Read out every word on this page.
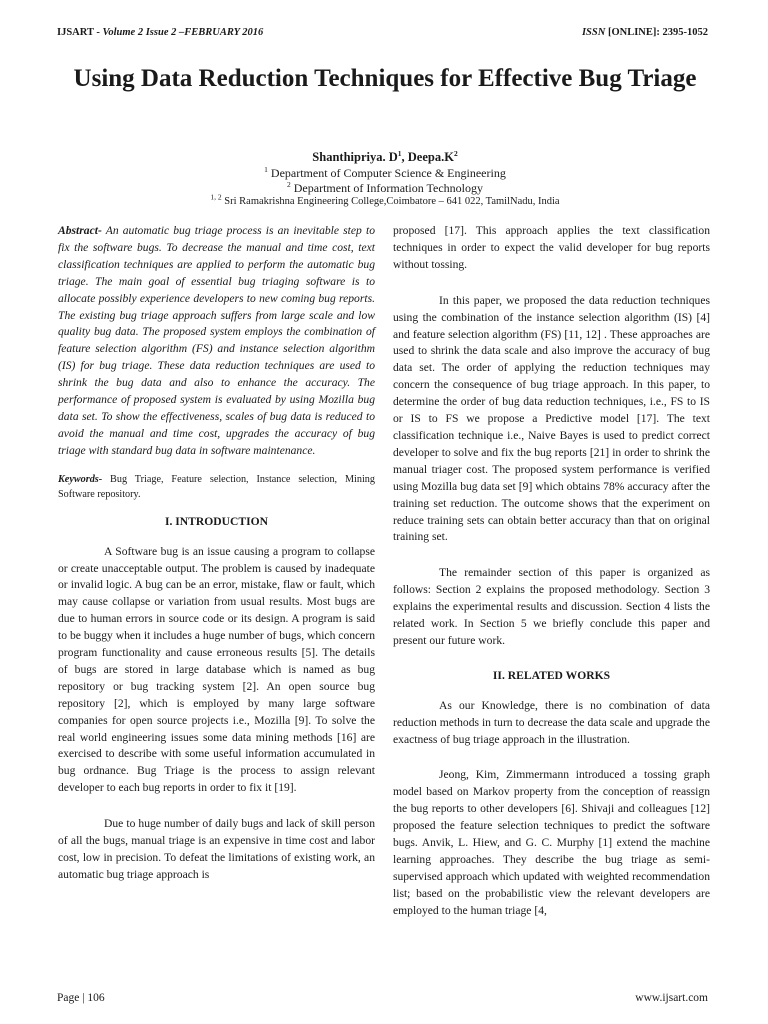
IJSART - Volume 2 Issue 2 –FEBRUARY 2016	ISSN [ONLINE]: 2395-1052
Using Data Reduction Techniques for Effective Bug Triage
Shanthipriya. $D^1$, $Deepa.K^2$
$^1$ Department of Computer Science & Engineering
$^2$ Department of Information Technology
$^{1, 2}$ Sri Ramakrishna Engineering College,Coimbatore – 641 022, TamilNadu, India

Abstract- An automatic bug triage process is an inevitable step to fix the software bugs. To decrease the manual and time cost, text classification techniques are applied to perform the automatic bug triage. The main goal of essential bug triaging software is to allocate possibly experience developers to new coming bug reports. The existing bug triage approach suffers from large scale and low quality bug data. The proposed system employs the combination of feature selection algorithm (FS) and instance selection algorithm (IS) for bug triage. These data reduction techniques are used to shrink the bug data and also to enhance the accuracy. The performance of proposed system is evaluated by using Mozilla bug data set. To show the effectiveness, scales of bug data is reduced to avoid the manual and time cost, upgrades the accuracy of bug triage with standard bug data in software maintenance.

Keywords- Bug Triage, Feature selection, Instance selection, Mining Software repository.

I. INTRODUCTION

A Software bug is an issue causing a program to collapse or create unacceptable output. The problem is caused by inadequate or invalid logic. A bug can be an error, mistake, flaw or fault, which may cause collapse or variation from usual results. Most bugs are due to human errors in source code or its design. A program is said to be buggy when it includes a huge number of bugs, which concern program functionality and cause erroneous results [5]. The details of bugs are stored in large database which is named as bug repository or bug tracking system [2]. An open source bug repository [2], which is employed by many large software companies for open source projects i.e., Mozilla [9]. To solve the real world engineering issues some data mining methods [16] are exercised to describe with some useful information accumulated in bug ordnance. Bug Triage is the process to assign relevant developer to each bug reports in order to fix it [19].

Due to huge number of daily bugs and lack of skill person of all the bugs, manual triage is an expensive in time cost and labor cost, low in precision. To defeat the limitations of existing work, an automatic bug triage approach is

proposed [17]. This approach applies the text classification techniques in order to expect the valid developer for bug reports without tossing.

In this paper, we proposed the data reduction techniques using the combination of the instance selection algorithm (IS) [4] and feature selection algorithm (FS) [11, 12] . These approaches are used to shrink the data scale and also improve the accuracy of bug data set. The order of applying the reduction techniques may concern the consequence of bug triage approach. In this paper, to determine the order of bug data reduction techniques, i.e., FS to IS or IS to FS we propose a Predictive model [17]. The text classification technique i.e., Naive Bayes is used to predict correct developer to solve and fix the bug reports [21] in order to shrink the manual triager cost. The proposed system performance is verified using Mozilla bug data set [9] which obtains 78% accuracy after the training set reduction. The outcome shows that the experiment on reduce training sets can obtain better accuracy than that on original training set.

The remainder section of this paper is organized as follows: Section 2 explains the proposed methodology. Section 3 explains the experimental results and discussion. Section 4 lists the related work. In Section 5 we briefly conclude this paper and present our future work.

II. RELATED WORKS

As our Knowledge, there is no combination of data reduction methods in turn to decrease the data scale and upgrade the exactness of bug triage approach in the illustration.

Jeong, Kim, Zimmermann introduced a tossing graph model based on Markov property from the conception of reassign the bug reports to other developers [6]. Shivaji and colleagues [12] proposed the feature selection techniques to predict the software bugs. Anvik, L. Hiew, and G. C. Murphy [1] extend the machine learning approaches. They describe the bug triage as semi-supervised approach which updated with weighted recommendation list; based on the probabilistic view the relevant developers are employed to the human triage [4,

Page | 106	www.ijsart.com
